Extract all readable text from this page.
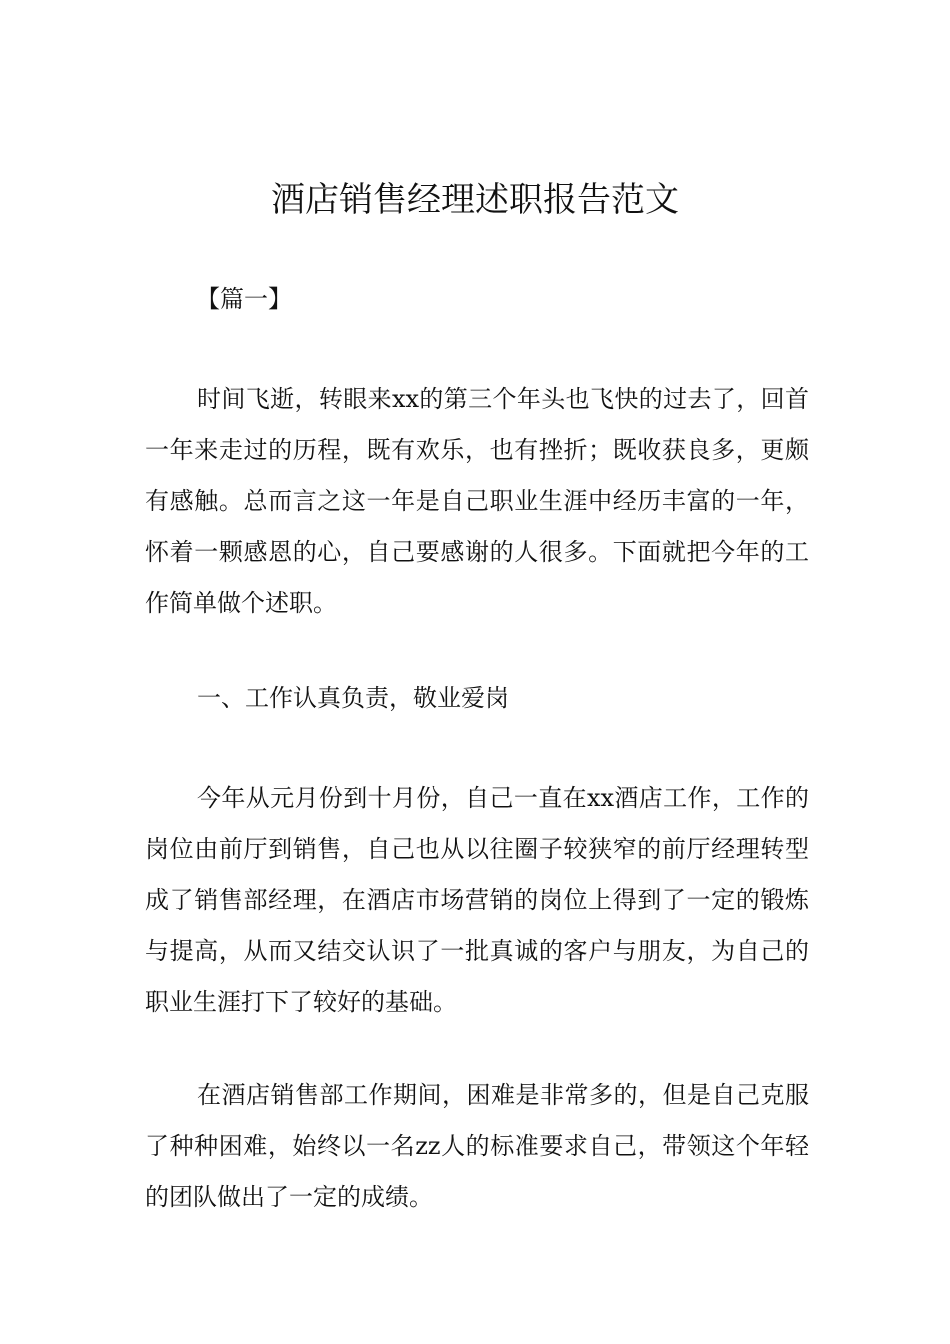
酒店销售经理述职报告范文
【篇一】

时间飞逝，转眼来xx的第三个年头也飞快的过去了，回首一年来走过的历程，既有欢乐，也有挫折；既收获良多，更颇有感触。总而言之这一年是自己职业生涯中经历丰富的一年，怀着一颗感恩的心，自己要感谢的人很多。下面就把今年的工作简单做个述职。

一、工作认真负责，敬业爱岗

今年从元月份到十月份，自己一直在xx酒店工作，工作的岗位由前厅到销售，自己也从以往圈子较狭窄的前厅经理转型成了销售部经理，在酒店市场营销的岗位上得到了一定的锻炼与提高，从而又结交认识了一批真诚的客户与朋友，为自己的职业生涯打下了较好的基础。

在酒店销售部工作期间，困难是非常多的，但是自己克服了种种困难，始终以一名zz人的标准要求自己，带领这个年轻的团队做出了一定的成绩。
